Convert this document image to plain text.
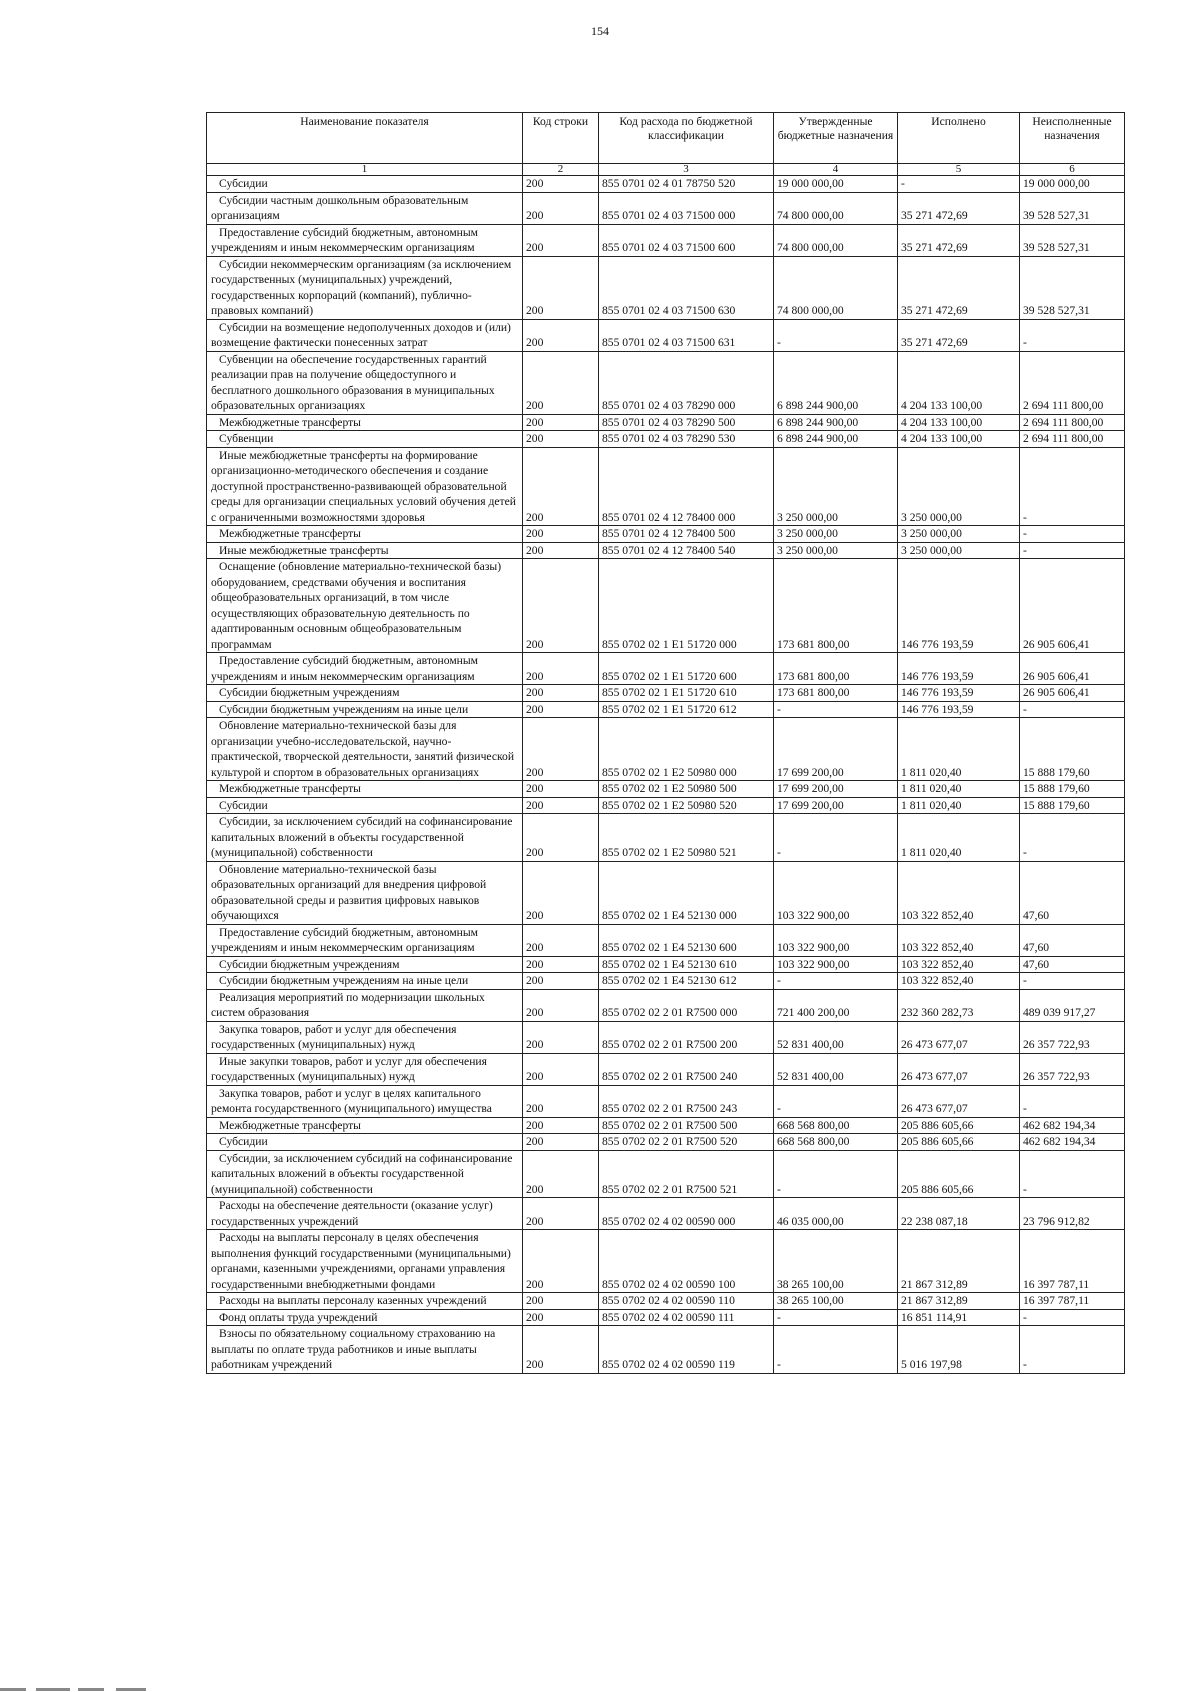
154
Наименование показателя	Код строки	Код расхода по бюджетной классификации	Утвержденные бюджетные назначения	Исполнено	Неисполненные назначения
1	2	3	4	5	6
Субсидии	200	855 0701 02 4 01 78750 520	19 000 000,00	-	19 000 000,00
Субсидии частным дошкольным образовательным организациям	200	855 0701 02 4 03 71500 000	74 800 000,00	35 271 472,69	39 528 527,31
Предоставление субсидий бюджетным, автономным учреждениям и иным некоммерческим организациям	200	855 0701 02 4 03 71500 600	74 800 000,00	35 271 472,69	39 528 527,31
Субсидии некоммерческим организациям (за исключением государственных (муниципальных) учреждений, государственных корпораций (компаний), публично-правовых компаний)	200	855 0701 02 4 03 71500 630	74 800 000,00	35 271 472,69	39 528 527,31
Субсидии на возмещение недополученных доходов и (или) возмещение фактически понесенных затрат	200	855 0701 02 4 03 71500 631	-	35 271 472,69	-
Субвенции на обеспечение государственных гарантий реализации прав на получение общедоступного и бесплатного дошкольного образования в муниципальных образовательных организациях	200	855 0701 02 4 03 78290 000	6 898 244 900,00	4 204 133 100,00	2 694 111 800,00
Межбюджетные трансферты	200	855 0701 02 4 03 78290 500	6 898 244 900,00	4 204 133 100,00	2 694 111 800,00
Субвенции	200	855 0701 02 4 03 78290 530	6 898 244 900,00	4 204 133 100,00	2 694 111 800,00
Иные межбюджетные трансферты на формирование организационно-методического обеспечения и создание доступной пространственно-развивающей образовательной среды для организации специальных условий обучения детей с ограниченными возможностями здоровья	200	855 0701 02 4 12 78400 000	3 250 000,00	3 250 000,00	-
Межбюджетные трансферты	200	855 0701 02 4 12 78400 500	3 250 000,00	3 250 000,00	-
Иные межбюджетные трансферты	200	855 0701 02 4 12 78400 540	3 250 000,00	3 250 000,00	-
Оснащение (обновление материально-технической базы) оборудованием, средствами обучения и воспитания общеобразовательных организаций, в том числе осуществляющих образовательную деятельность по адаптированным основным общеобразовательным программам	200	855 0702 02 1 E1 51720 000	173 681 800,00	146 776 193,59	26 905 606,41
Предоставление субсидий бюджетным, автономным учреждениям и иным некоммерческим организациям	200	855 0702 02 1 E1 51720 600	173 681 800,00	146 776 193,59	26 905 606,41
Субсидии бюджетным учреждениям	200	855 0702 02 1 E1 51720 610	173 681 800,00	146 776 193,59	26 905 606,41
Субсидии бюджетным учреждениям на иные цели	200	855 0702 02 1 E1 51720 612	-	146 776 193,59	-
Обновление материально-технической базы для организации учебно-исследовательской, научно-практической, творческой деятельности, занятий физической культурой и спортом в образовательных организациях	200	855 0702 02 1 E2 50980 000	17 699 200,00	1 811 020,40	15 888 179,60
Межбюджетные трансферты	200	855 0702 02 1 E2 50980 500	17 699 200,00	1 811 020,40	15 888 179,60
Субсидии	200	855 0702 02 1 E2 50980 520	17 699 200,00	1 811 020,40	15 888 179,60
Субсидии, за исключением субсидий на софинансирование капитальных вложений в объекты государственной (муниципальной) собственности	200	855 0702 02 1 E2 50980 521	-	1 811 020,40	-
Обновление материально-технической базы образовательных организаций для внедрения цифровой образовательной среды и развития цифровых навыков обучающихся	200	855 0702 02 1 E4 52130 000	103 322 900,00	103 322 852,40	47,60
Предоставление субсидий бюджетным, автономным учреждениям и иным некоммерческим организациям	200	855 0702 02 1 E4 52130 600	103 322 900,00	103 322 852,40	47,60
Субсидии бюджетным учреждениям	200	855 0702 02 1 E4 52130 610	103 322 900,00	103 322 852,40	47,60
Субсидии бюджетным учреждениям на иные цели	200	855 0702 02 1 E4 52130 612	-	103 322 852,40	-
Реализация мероприятий по модернизации школьных систем образования	200	855 0702 02 2 01 R7500 000	721 400 200,00	232 360 282,73	489 039 917,27
Закупка товаров, работ и услуг для обеспечения государственных (муниципальных) нужд	200	855 0702 02 2 01 R7500 200	52 831 400,00	26 473 677,07	26 357 722,93
Иные закупки товаров, работ и услуг для обеспечения государственных (муниципальных) нужд	200	855 0702 02 2 01 R7500 240	52 831 400,00	26 473 677,07	26 357 722,93
Закупка товаров, работ и услуг в целях капитального ремонта государственного (муниципального) имущества	200	855 0702 02 2 01 R7500 243	-	26 473 677,07	-
Межбюджетные трансферты	200	855 0702 02 2 01 R7500 500	668 568 800,00	205 886 605,66	462 682 194,34
Субсидии	200	855 0702 02 2 01 R7500 520	668 568 800,00	205 886 605,66	462 682 194,34
Субсидии, за исключением субсидий на софинансирование капитальных вложений в объекты государственной (муниципальной) собственности	200	855 0702 02 2 01 R7500 521	-	205 886 605,66	-
Расходы на обеспечение деятельности (оказание услуг) государственных учреждений	200	855 0702 02 4 02 00590 000	46 035 000,00	22 238 087,18	23 796 912,82
Расходы на выплаты персоналу в целях обеспечения выполнения функций государственными (муниципальными) органами, казенными учреждениями, органами управления государственными внебюджетными фондами	200	855 0702 02 4 02 00590 100	38 265 100,00	21 867 312,89	16 397 787,11
Расходы на выплаты персоналу казенных учреждений	200	855 0702 02 4 02 00590 110	38 265 100,00	21 867 312,89	16 397 787,11
Фонд оплаты труда учреждений	200	855 0702 02 4 02 00590 111	-	16 851 114,91	-
Взносы по обязательному социальному страхованию на выплаты по оплате труда работников и иные выплаты работникам учреждений	200	855 0702 02 4 02 00590 119	-	5 016 197,98	-
